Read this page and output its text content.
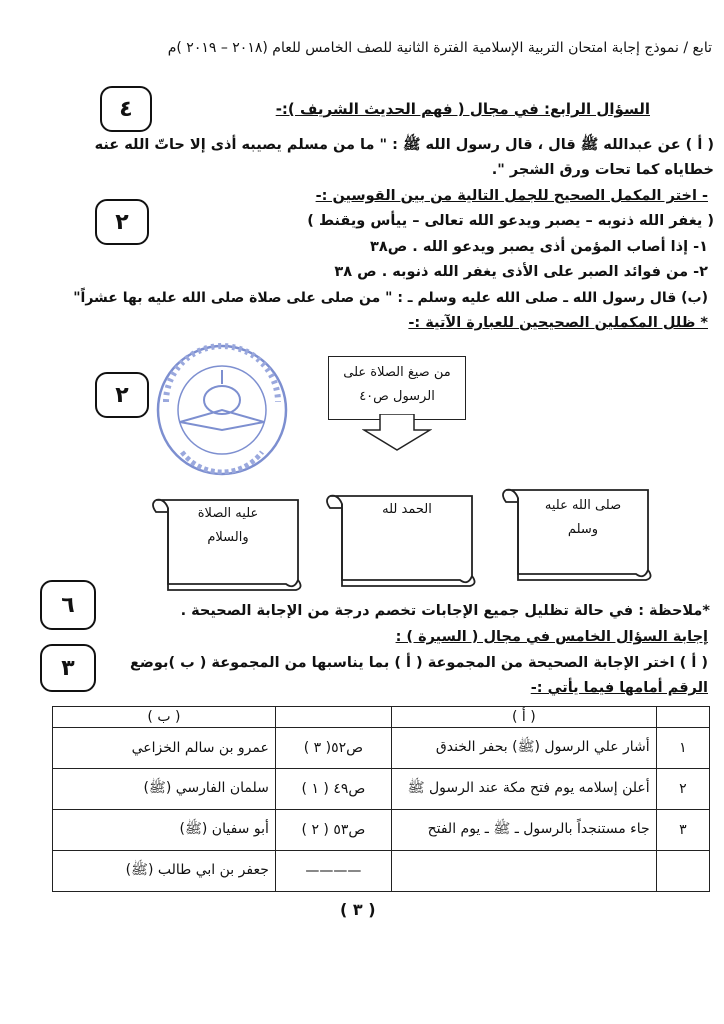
تابع / نموذج إجابة امتحان التربية الإسلامية الفترة الثانية للصف الخامس للعام (٢٠١٨ – ٢٠١٩ )م
٤
٢
٢
٦
٣
السؤال الرابع: في مجال ( فهم الحديث الشريف ):-
( أ ) عن عبدالله ﷺ قال ، قال رسول الله ﷺ : " ما من مسلم يصيبه أذى إلا حاتّ الله عنه
خطاياه كما تحات ورق الشجر ".
- اختر المكمل الصحيح للجمل التالية من بين القوسين :-
( يغفر الله ذنوبه – يصبر ويدعو الله تعالى – ييأس ويقنط )
١- إذا أصاب المؤمن أذى يصبر ويدعو الله . ص٣٨
٢- من فوائد الصبر على الأذى يغفر الله ذنوبه . ص ٣٨
(ب) قال رسول الله ـ صلى الله عليه وسلم ـ : " من صلى على صلاة صلى الله عليه بها عشراً"
* ظلل المكملين الصحيحين للعبارة الآتية :-
من صيغ الصلاة على الرسول ص٤٠
صلى الله عليه وسلم
الحمد لله
عليه الصلاة والسلام
*ملاحظة : في حالة تظليل جميع الإجابات تخصم درجة من الإجابة الصحيحة .
إجابة السؤال الخامس في مجال ( السيرة ) :
( أ ) اختر الإجابة الصحيحة من المجموعة ( أ ) بما يناسبها من المجموعة ( ب )بوضع
الرقم أمامها فيما يأتي :-
	( أ )		( ب )
١	أشار علي الرسول (ﷺ) بحفر الخندق	ص٥٢( ٣ )	عمرو بن سالم الخزاعي
٢	أعلن إسلامه يوم فتح مكة عند الرسول ﷺ	ص٤٩ ( ١ )	سلمان الفارسي (ﷺ)
٣	جاء مستنجداً بالرسول ـ ﷺ ـ يوم الفتح	ص٥٣ ( ٢ )	أبو سفيان (ﷺ)
		————	جعفر بن ابي طالب (ﷺ)
( ٣ )
